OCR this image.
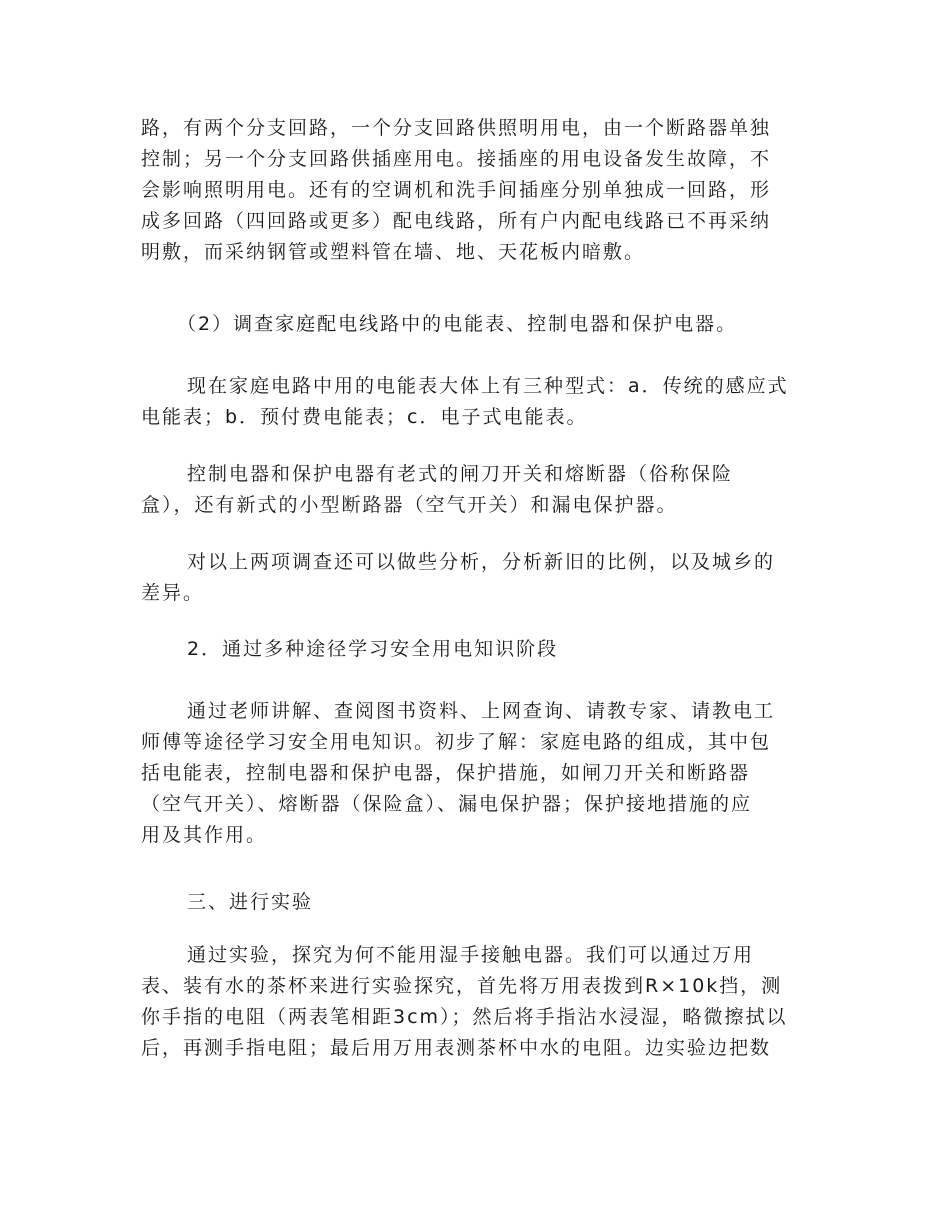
路，有两个分支回路，一个分支回路供照明用电，由一个断路器单独
控制；另一个分支回路供插座用电。接插座的用电设备发生故障，不
会影响照明用电。还有的空调机和洗手间插座分别单独成一回路，形
成多回路（四回路或更多）配电线路，所有户内配电线路已不再采纳
明敷，而采纳钢管或塑料管在墙、地、天花板内暗敷。
（2）调查家庭配电线路中的电能表、控制电器和保护电器。
现在家庭电路中用的电能表大体上有三种型式：a．传统的感应式
电能表；b．预付费电能表；c．电子式电能表。
控制电器和保护电器有老式的闸刀开关和熔断器（俗称保险
盒），还有新式的小型断路器（空气开关）和漏电保护器。
对以上两项调查还可以做些分析，分析新旧的比例，以及城乡的
差异。
2．通过多种途径学习安全用电知识阶段
通过老师讲解、查阅图书资料、上网查询、请教专家、请教电工
师傅等途径学习安全用电知识。初步了解：家庭电路的组成，其中包
括电能表，控制电器和保护电器，保护措施，如闸刀开关和断路器
（空气开关）、熔断器（保险盒）、漏电保护器；保护接地措施的应
用及其作用。
三、进行实验
通过实验，探究为何不能用湿手接触电器。我们可以通过万用
表、装有水的茶杯来进行实验探究，首先将万用表拨到R×10k挡，测
你手指的电阻（两表笔相距3cm）；然后将手指沾水浸湿，略微擦拭以
后，再测手指电阻；最后用万用表测茶杯中水的电阻。边实验边把数
